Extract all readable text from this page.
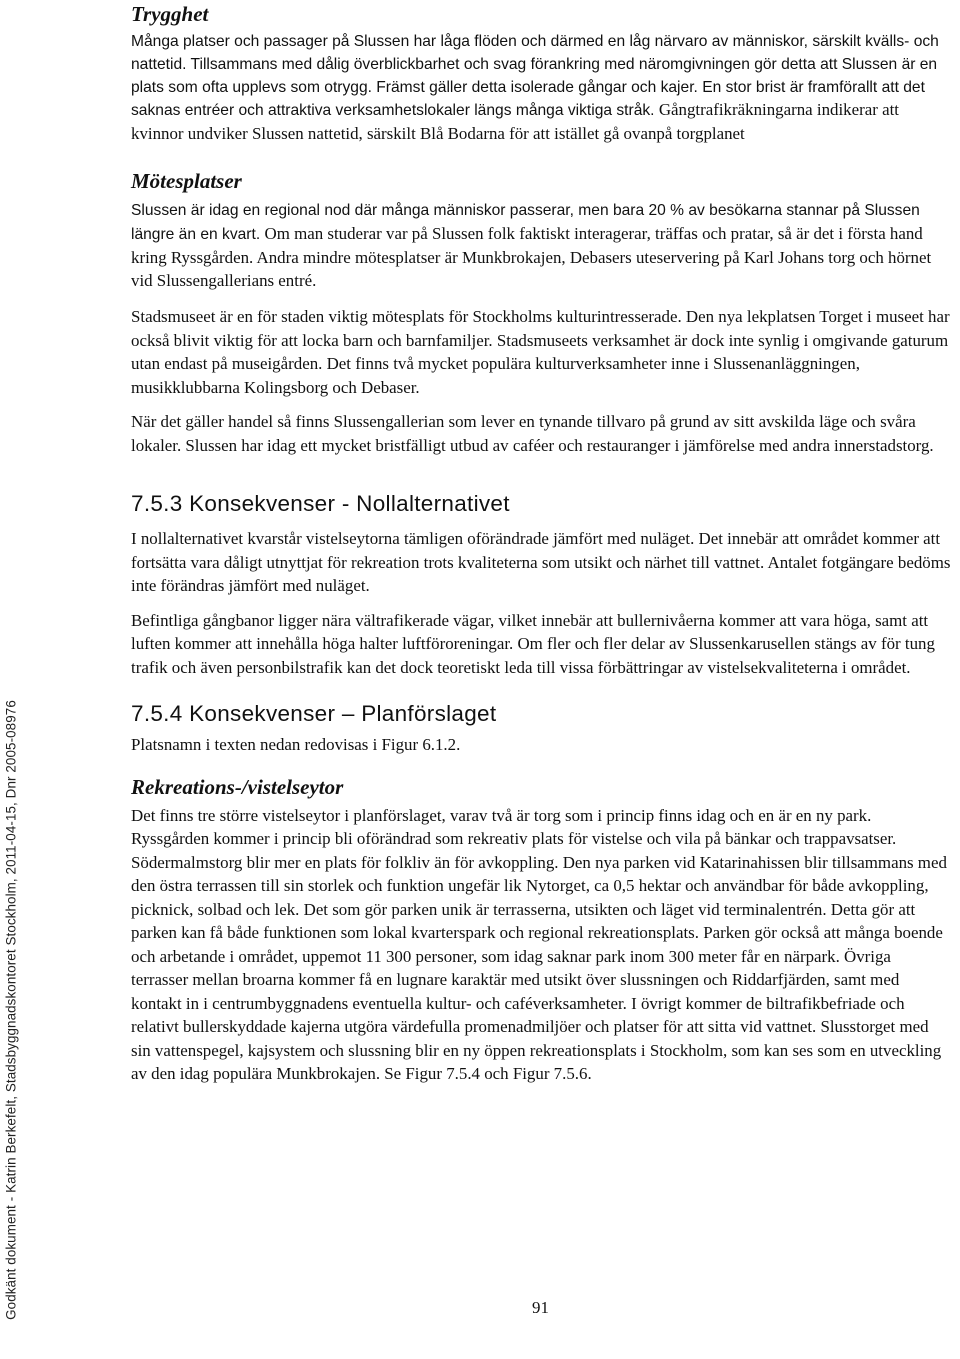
Godkänt dokument - Katrin Berkefelt, Stadsbyggnadskontoret Stockholm, 2011-04-15, Dnr 2005-08976
Trygghet

Många platser och passager på Slussen har låga flöden och därmed en låg närvaro av människor, särskilt kvälls- och nattetid. Tillsammans med dålig överblickbarhet och svag förankring med näromgivningen gör detta att Slussen är en plats som ofta upplevs som otrygg. Främst gäller detta isolerade gångar och kajer. En stor brist är framförallt att det saknas entréer och attraktiva verksamhetslokaler längs många viktiga stråk. Gångtrafikräkningarna indikerar att kvinnor undviker Slussen nattetid, särskilt Blå Bodarna för att istället gå ovanpå torgplanet

Mötesplatser

Slussen är idag en regional nod där många människor passerar, men bara 20 % av besökarna stannar på Slussen längre än en kvart. Om man studerar var på Slussen folk faktiskt interagerar, träffas och pratar, så är det i första hand kring Ryssgården. Andra mindre mötesplatser är Munkbrokajen, Debasers uteservering på Karl Johans torg och hörnet vid Slussengallerians entré.

Stadsmuseet är en för staden viktig mötesplats för Stockholms kulturintresserade. Den nya lekplatsen Torget i museet har också blivit viktig för att locka barn och barnfamiljer. Stadsmuseets verksamhet är dock inte synlig i omgivande gaturum utan endast på museigården. Det finns två mycket populära kulturverksamheter inne i Slussenanläggningen, musikklubbarna Kolingsborg och Debaser.

När det gäller handel så finns Slussengallerian som lever en tynande tillvaro på grund av sitt avskilda läge och svåra lokaler. Slussen har idag ett mycket bristfälligt utbud av caféer och restauranger i jämförelse med andra innerstadstorg.

7.5.3 Konsekvenser - Nollalternativet

I nollalternativet kvarstår vistelseytorna tämligen oförändrade jämfört med nuläget. Det innebär att området kommer att fortsätta vara dåligt utnyttjat för rekreation trots kvaliteterna som utsikt och närhet till vattnet. Antalet fotgängare bedöms inte förändras jämfört med nuläget.

Befintliga gångbanor ligger nära vältrafikerade vägar, vilket innebär att bullernivåerna kommer att vara höga, samt att luften kommer att innehålla höga halter luftföroreningar. Om fler och fler delar av Slussenkarusellen stängs av för tung trafik och även personbilstrafik kan det dock teoretiskt leda till vissa förbättringar av vistelsekvaliteterna i området.

7.5.4 Konsekvenser – Planförslaget

Platsnamn i texten nedan redovisas i Figur 6.1.2.

Rekreations-/vistelseytor

Det finns tre större vistelseytor i planförslaget, varav två är torg som i princip finns idag och en är en ny park. Ryssgården kommer i princip bli oförändrad som rekreativ plats för vistelse och vila på bänkar och trappavsatser. Södermalmstorg blir mer en plats för folkliv än för avkoppling. Den nya parken vid Katarinahissen blir tillsammans med den östra terrassen till sin storlek och funktion ungefär lik Nytorget, ca 0,5 hektar och användbar för både avkoppling, picknick, solbad och lek. Det som gör parken unik är terrasserna, utsikten och läget vid terminalentrén. Detta gör att parken kan få både funktionen som lokal kvarterspark och regional rekreationsplats. Parken gör också att många boende och arbetande i området, uppemot 11 300 personer, som idag saknar park inom 300 meter får en närpark. Övriga terrasser mellan broarna kommer få en lugnare karaktär med utsikt över slussningen och Riddarfjärden, samt med kontakt in i centrumbyggnadens eventuella kultur- och caféverksamheter. I övrigt kommer de biltrafikbefriade och relativt bullerskyddade kajerna utgöra värdefulla promenadmiljöer och platser för att sitta vid vattnet. Slusstorget med sin vattenspegel, kajsystem och slussning blir en ny öppen rekreationsplats i Stockholm, som kan ses som en utveckling av den idag populära Munkbrokajen. Se Figur 7.5.4 och Figur 7.5.6.

91
